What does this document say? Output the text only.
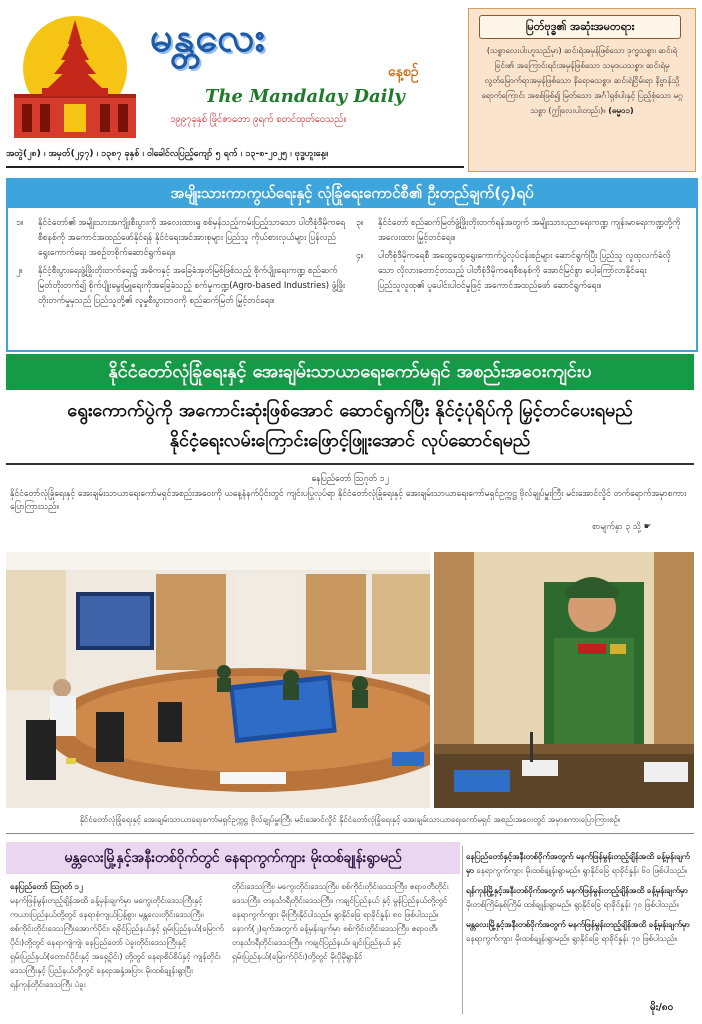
မန္တလေး
နေ့စဉ်
The Mandalay Daily
၁၉၉၇ခုနှစ် ဖြိုင်ဇာတော ၉ရက် စတင်ထုတ်ဝေသည်။
မြတ်ဗုဒ္ဓ၏ အဆုံးအမတရား
(သစ္စာလေးပါးဟူသည်မှာ) ဆင်းရဲအမှန်ဖြစ်သော ဒုက္ခသစ္စာ၊ ဆင်းရဲခြင်း၏ အကြောင်းရင်းအမှန်ဖြစ်သော သမုဒယသစ္စာ၊ ဆင်းရဲမှ လွတ်မြောက်ရာအမှန်ဖြစ်သော နိရောဓသစ္စာ၊ ဆင်းရဲငြိမ်းရာ နိဗ္ဗာန်သို့ရောက်ကြောင်း အစစ်ဖြစ်၍ မြတ်သော အင်္ဂါရှစ်ပါးနှင့် ပြည့်စုံသော မဂ္ဂသစ္စာ (ဤလေးပါးတည်း)။ (ဓမ္မ၀၁)
အတွဲ(၂၈) ၊ အမှတ်(၂၄၇) ၊ ၁၃၈၇ ခုနှစ် ၊ ဝါခေါင်လပြည့်ကျော် ၅ ရက် ၊ ၁၃-၈-၂၀၂၅ ၊ ဗုဒ္ဓဟူးနေ့။
အမျိုးသားကာကွယ်ရေးနှင့် လုံခြုံရေးကောင်စီ၏ ဦးတည်ချက်(၄)ရပ်
၁။	နိုင်ငံတော်၏ အမျိုးသားအကျိုးစီးပွားကို အလေးထားရှု စစ်မှန်သည့်ကမ်းပြည့်သာသော ပါတီစုံဒီမိုကရေစီစနစ်ကို အကောင်အထည်ဖော်နိုင်ရန် နိုင်ငံရေးအင်အားစုများ ပြည်သူ ကိုယ်စားလှယ်များ ပြန်လည်ရွေးကောက်ရေး အစဉ်တစိုက်ဆောင်ရွက်ရေး။
၂။	နိုင်ငံ့စီးပွားရေးဖွံ့ဖြိုးတိုးတက်ရေး၌ အဓိကနှင့် အခြေခံအုတ်မြစ်ဖြစ်သည့် စိုက်ပျိုးရေးကဏ္ဍ စည်ဆက်မြတ်တိုးတက်၍ စိုက်ပျိုးမွေးမြူရေးကိုအခြေခံသည့် စက်မှုကဏ္ဍ(Agro-based Industries) ဖွံ့ဖြိုးတိုးတက်မှုမှသည် ပြည်သူတို့၏ လူမှုစီးပွားဘဝကို စည်ဆက်မြတ် မြှင့်တင်ရေး။
၃။	နိုင်ငံတော် စည်ဆက်မြတ်ဖွံ့ဖြိုးတိုးတက်ရန်အတွက် အမျိုးသားပညာရေးကဏ္ဍ ကျန်းမာရေးကဏ္ဍတို့ကို အလေးထား မြှင့်တင်ရေး။
၄။	ပါတီစုံဒီမိုကရေစီ အထွေထွေရွေးကောက်ပွဲလုပ်ငန်းစဉ်များ ဆောင်ရွက်ပြီး ပြည်သူ လူထုလက်ခံလိုသော လိုလားတောင့်တသည့် ပါတီစုံဒီမိုကရေစီစနစ်ကို အောင်မြင်စွာ ပေါ့ကြော်လာနိုင်ရေး ပြည်သူလူထု၏ ပူပေါင်းပါဝင်မှုဖြင့် အကောင်အထည်ဖော် ဆောင်ရွက်ရေး။
နိုင်ငံတော်လုံခြုံရေးနှင့် အေးချမ်းသာယာရေးကော်မရှင် အစည်းအဝေးကျင်းပ
ရွေးကောက်ပွဲကို အကောင်းဆုံးဖြစ်အောင် ဆောင်ရွက်ပြီး နိုင်ငံ့ပုံရိပ်ကို မြှင့်တင်ပေးရမည်
နိုင်ငံ့ရေးလမ်းကြောင်းဖြောင့်ဖြူးအောင် လုပ်ဆောင်ရမည်
နေပြည်တော် ဩဂုတ် ၁၂
နိုင်ငံတော်လုံခြုံရေးနှင့် အေးချမ်းသာယာရေးကော်မရှင်အစည်းအဝေးကို ယနေ့နံနက်ပိုင်းတွင် ကျင်းပပြုလုပ်ရာ နိုင်ငံတော်လုံခြုံရေးနှင့် အေးချမ်းသာယာရေးကော်မရှင်ဥက္ကဋ္ဌ ဗိုလ်ချုပ်မှူးကြီး မင်းအောင်လှိုင် တက်ရောက်အမှာစကား ပြောကြားသည်။
စာမျက်နှာ ၃ သို့ ☛
နိုင်ငံတော်လုံခြုံရေးနှင့် အေးချမ်းသာယာရေးကော်မရှင်ဥက္ကဋ္ဌ ဗိုလ်ချုပ်မှူးကြီး မင်းအောင်လှိုင် နိုင်ငံတော်လုံခြုံရေးနှင့် အေးချမ်းသာယာရေးကော်မရှင် အစည်းအဝေးတွင် အမှာစကားပြောကြားစဉ်။
မန္တလေးမြို့နှင့်အနီးတစ်ဝိုက်တွင် နေရာကွက်ကျား မိုးထစ်ချုန်းရွာမည်
နေပြည်တော် ဩဂုတ် ၁၂
မနက်ဖြန်မွန်းတည့်ချိန်အထိ ခန့်မှန်းချက်မှာ မကွေးတိုင်းဒေသကြီးနှင့် ကယားပြည်နယ်တို့တွင် နေရာစုံကျယ်ပြန့်စွာ၊ မန္တလေးတိုင်းဒေသကြီး၊ စစ်ကိုင်းတိုင်းဒေသကြီးအောက်ပိုင်း၊ ရခိုင်ပြည်နယ်နှင့် ရှမ်းပြည်နယ်(မြောက်ပိုင်း)တို့တွင် နေရာကျဲကျဲ၊ နေပြည်တော် ပဲခူးတိုင်းဒေသကြီးနှင့် ရှမ်းပြည်နယ်(တောင်ပိုင်းနှင့် အရှေ့ပိုင်း) တို့တွင် နေရာစိပ်စိပ်နှင့် ကျန်တိုင်းဒေသကြီးနှင့် ပြည်နယ်တို့တွင် နေရာအနှံ့အပြား မိုးထစ်ချုန်းရွာပြီး ရန်ကုန်တိုင်းဒေသကြီး ပဲခူး
တိုင်းဒေသကြီး၊ မကွေးတိုင်းဒေသကြီး၊ စစ်ကိုင်းတိုင်းဒေသကြီး၊ ဧရာဝတီတိုင်းဒေသကြီး၊ တနင်္သာရီတိုင်းဒေသကြီး၊ ကချင်ပြည်နယ် နှင့် မွန်ပြည်နယ်တို့တွင် နေရာကွက်ကျား မိုးကြီးနိုင်ပါသည်။ ရွာနိုင်ခြေ ရာခိုင်နှုန်း ၈၀ ဖြစ်ပါသည်။ နောက်(၂)ရက်အတွက် ခန့်မှန်းချက်မှာ စစ်ကိုင်းတိုင်းဒေသကြီး၊ ဧရာဝတီ၊ တနင်္သာရီတိုင်းဒေသကြီး၊ ကချင်ပြည်နယ်၊ ချင်းပြည်နယ် နှင့် ရှမ်းပြည်နယ်(မြောက်ပိုင်း)တို့တွင် မိုးပိုမိုရွာနိုင်
နေပြည်တော်နှင့်အနီးတစ်ဝိုက်အတွက် မနက်ဖြန်မွန်းတည့်ချိန်အထိ ခန့်မှန်းချက်မှာ နေရာကွက်ကျား မိုးထစ်ချုန်းရွာမည်။ ရွာနိုင်ခြေ ရာခိုင်နှုန်း ၆၀ ဖြစ်ပါသည်။
ရန်ကုန်မြို့နှင့်အနီးတစ်ဝိုက်အတွက် မနက်ဖြန်မွန်းတည့်ချိန်အထိ ခန့်မှန်းချက်မှာ မိုးတစ်ကြိမ်နှစ်ကြိမ် ထစ်ချုန်းရွာမည်။ ရွာနိုင်ခြေ ရာခိုင်နှုန်း ၇၀ ဖြစ်ပါသည်။
မန္တလေးမြို့နှင့်အနီးတစ်ဝိုက်အတွက် မနက်ဖြန်မွန်းတည့်ချိန်အထိ ခန့်မှန်းချက်မှာ နေရာကွက်ကျား မိုးထစ်ချုန်းရွာမည်။ ရွာနိုင်ခြေ ရာခိုင်နှုန်း ၇၀ ဖြစ်ပါသည်။
မိုး/၈၀
